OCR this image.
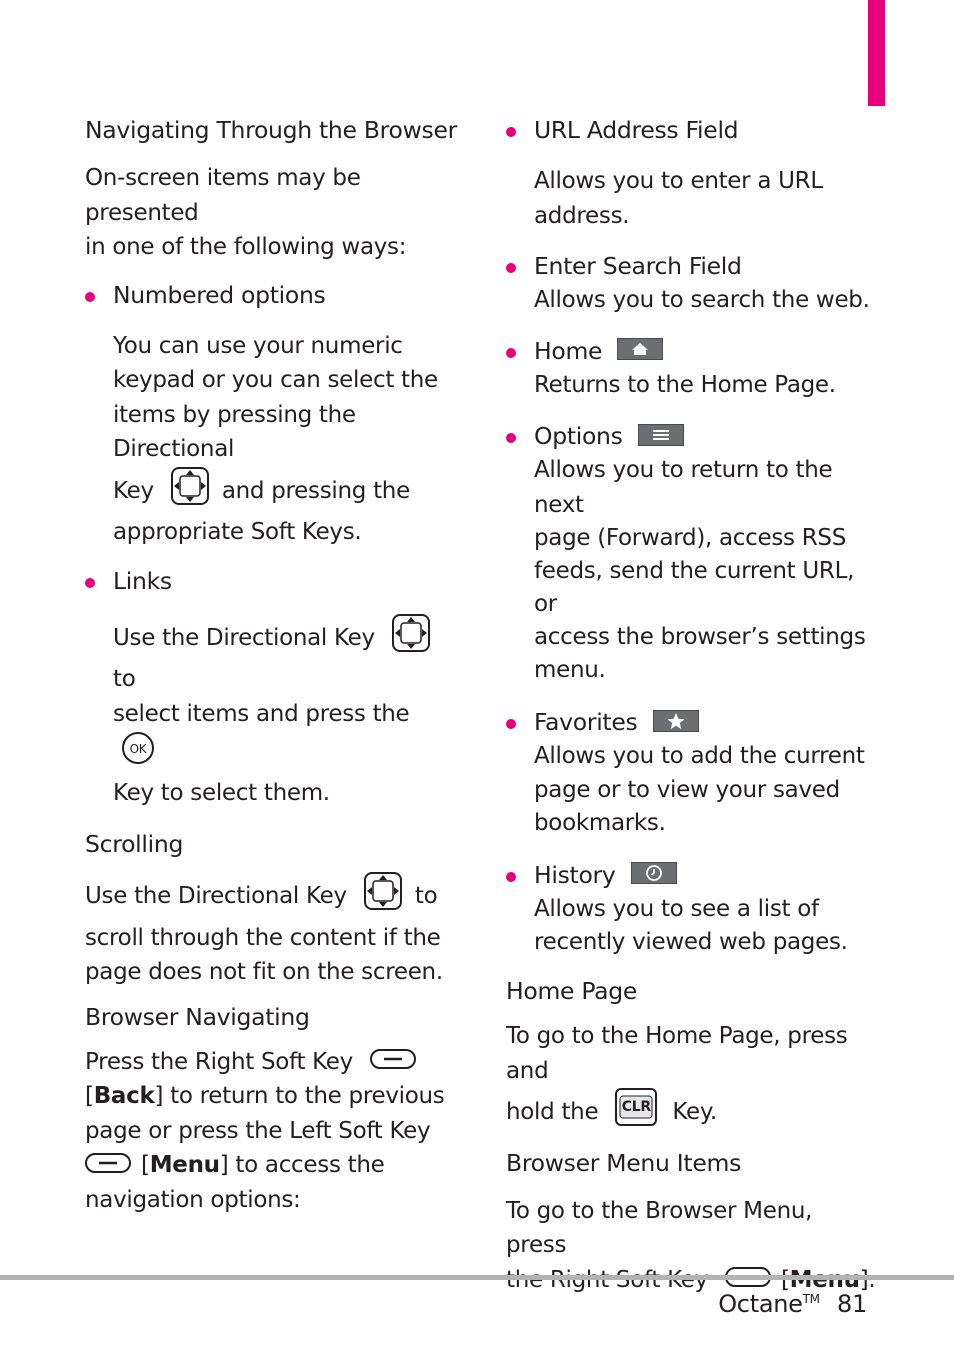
Navigating Through the Browser

On-screen items may be presented

in one of the following ways:

Numbered options

You can use your numeric

keypad or you can select the

items by pressing the Directional

Key	and pressing the

appropriate Soft Keys.

Links

Use the Directional Key  to

select items and press the
OK

Key to select them.

Scrolling

Use the Directional Key	to

scroll through the content if the

page does not fit on the screen.

Browser Navigating

Press the Right Soft Key

[Back] to return to the previous

page or press the Left Soft Key

[Menu] to access the

navigation options:

URL Address Field

Allows you to enter a URL

address.

Enter Search Field

Allows you to search the web.

Home

Returns to the Home Page.

Options

Allows you to return to the next

page (Forward), access RSS

feeds, send the current URL, or

access the browser’s settings

menu.

Favorites

Allows you to add the current

page or to view your saved

bookmarks.

History

Allows you to see a list of

recently viewed web pages.

Home Page

To go to the Home Page, press and

hold the	CLR Key.

Browser Menu Items

To go to the Browser Menu, press

Octane™ 81
